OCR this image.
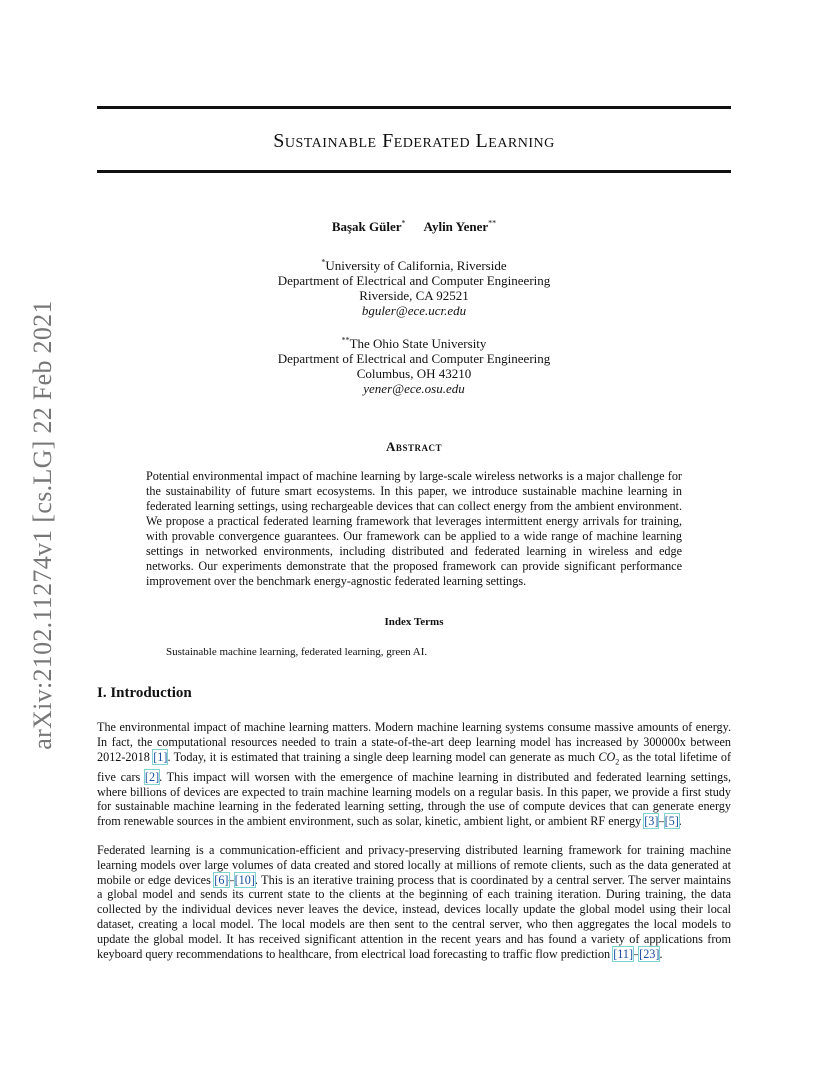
arXiv:2102.11274v1 [cs.LG] 22 Feb 2021
Sustainable Federated Learning
Başak Güler* Aylin Yener**
*University of California, Riverside
Department of Electrical and Computer Engineering
Riverside, CA 92521
bguler@ece.ucr.edu
**The Ohio State University
Department of Electrical and Computer Engineering
Columbus, OH 43210
yener@ece.osu.edu
Abstract
Potential environmental impact of machine learning by large-scale wireless networks is a major challenge for the sustainability of future smart ecosystems. In this paper, we introduce sustainable machine learning in federated learning settings, using rechargeable devices that can collect energy from the ambient environment. We propose a practical federated learning framework that leverages intermittent energy arrivals for training, with provable convergence guarantees. Our framework can be applied to a wide range of machine learning settings in networked environments, including distributed and federated learning in wireless and edge networks. Our experiments demonstrate that the proposed framework can provide significant performance improvement over the benchmark energy-agnostic federated learning settings.
Index Terms
Sustainable machine learning, federated learning, green AI.
I. Introduction
The environmental impact of machine learning matters. Modern machine learning systems consume massive amounts of energy. In fact, the computational resources needed to train a state-of-the-art deep learning model has increased by 300000x between 2012-2018 [1]. Today, it is estimated that training a single deep learning model can generate as much $CO_2$ as the total lifetime of five cars [2]. This impact will worsen with the emergence of machine learning in distributed and federated learning settings, where billions of devices are expected to train machine learning models on a regular basis. In this paper, we provide a first study for sustainable machine learning in the federated learning setting, through the use of compute devices that can generate energy from renewable sources in the ambient environment, such as solar, kinetic, ambient light, or ambient RF energy [3]–[5].
Federated learning is a communication-efficient and privacy-preserving distributed learning framework for training machine learning models over large volumes of data created and stored locally at millions of remote clients, such as the data generated at mobile or edge devices [6]–[10]. This is an iterative training process that is coordinated by a central server. The server maintains a global model and sends its current state to the clients at the beginning of each training iteration. During training, the data collected by the individual devices never leaves the device, instead, devices locally update the global model using their local dataset, creating a local model. The local models are then sent to the central server, who then aggregates the local models to update the global model. It has received significant attention in the recent years and has found a variety of applications from keyboard query recommendations to healthcare, from electrical load forecasting to traffic flow prediction [11]–[23].
